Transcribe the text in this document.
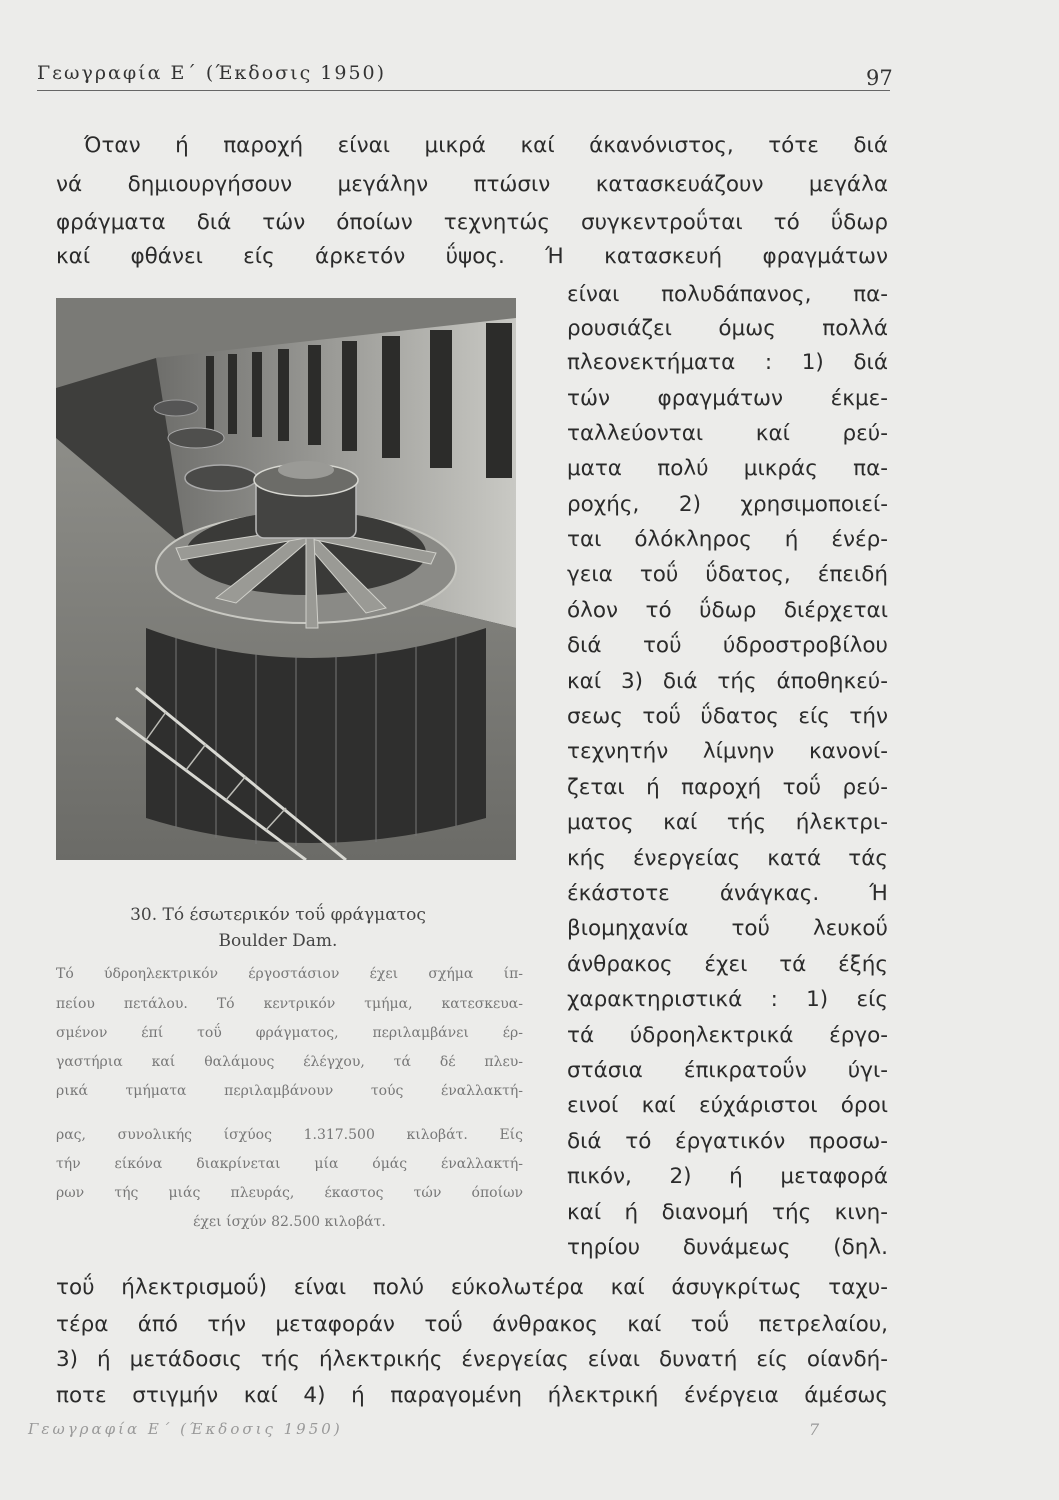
Γεωγραφία Ε΄ (Έκδοσις 1950)	97
Όταν ή παροχή είναι μικρά καί άκανόνιστος, τότε διά
νά δημιουργήσουν μεγάλην πτώσιν κατασκευάζουν μεγάλα
φράγματα διά τών όποίων τεχνητώς συγκεντροΰται τό ΰδωρ
καί φθάνει είς άρκετόν ΰψος. Ή κατασκευή φραγμάτων
είναι πολυδάπανος, πα-
ρουσιάζει όμως πολλά
πλεονεκτήματα : 1) διά
τών φραγμάτων έκμε-
ταλλεύονται καί ρεύ-
ματα πολύ μικράς πα-
ροχής, 2) χρησιμοποιεί-
ται όλόκληρος ή ένέρ-
γεια τοΰ ΰδατος, έπειδή
όλον τό ΰδωρ διέρχεται
διά τοΰ ύδροστροβίλου
καί 3) διά τής άποθηκεύ-
σεως τοΰ ΰδατος είς τήν
τεχνητήν λίμνην κανονί-
ζεται ή παροχή τοΰ ρεύ-
ματος καί τής ήλεκτρι-
κής ένεργείας κατά τάς
έκάστοτε άνάγκας. Ή
βιομηχανία τοΰ λευκοΰ
άνθρακος έχει τά έξής
χαρακτηριστικά : 1) είς
τά ύδροηλεκτρικά έργο-
στάσια έπικρατοΰν ύγι-
εινοί καί εύχάριστοι όροι
διά τό έργατικόν προσω-
πικόν, 2) ή μεταφορά
καί ή διανομή τής κινη-
τηρίου δυνάμεως (δηλ.
τοΰ ήλεκτρισμοΰ) είναι πολύ εύκολωτέρα καί άσυγκρίτως ταχυ-
τέρα άπό τήν μεταφοράν τοΰ άνθρακος καί τοΰ πετρελαίου,
3) ή μετάδοσις τής ήλεκτρικής ένεργείας είναι δυνατή είς οίανδή-
ποτε στιγμήν καί 4) ή παραγομένη ήλεκτρική ένέργεια άμέσως
30. Τό έσωτερικόν τοΰ φράγματος
Boulder Dam.
Τό ύδροηλεκτρικόν έργοστάσιον έχει σχήμα ίπ-
πείου πετάλου. Τό κεντρικόν τμήμα, κατεσκευα-
σμένον έπί τοΰ φράγματος, περιλαμβάνει έρ-
γαστήρια καί θαλάμους έλέγχου, τά δέ πλευ-
ρικά τμήματα περιλαμβάνουν τούς έναλλακτή-
ρας, συνολικής ίσχύος 1.317.500 κιλοβάτ. Είς
τήν είκόνα διακρίνεται μία όμάς έναλλακτή-
ρων τής μιάς πλευράς, έκαστος τών όποίων
έχει ίσχύν 82.500 κιλοβάτ.
Γεωγραφία Ε΄ (Έκδοσις 1950)	7
